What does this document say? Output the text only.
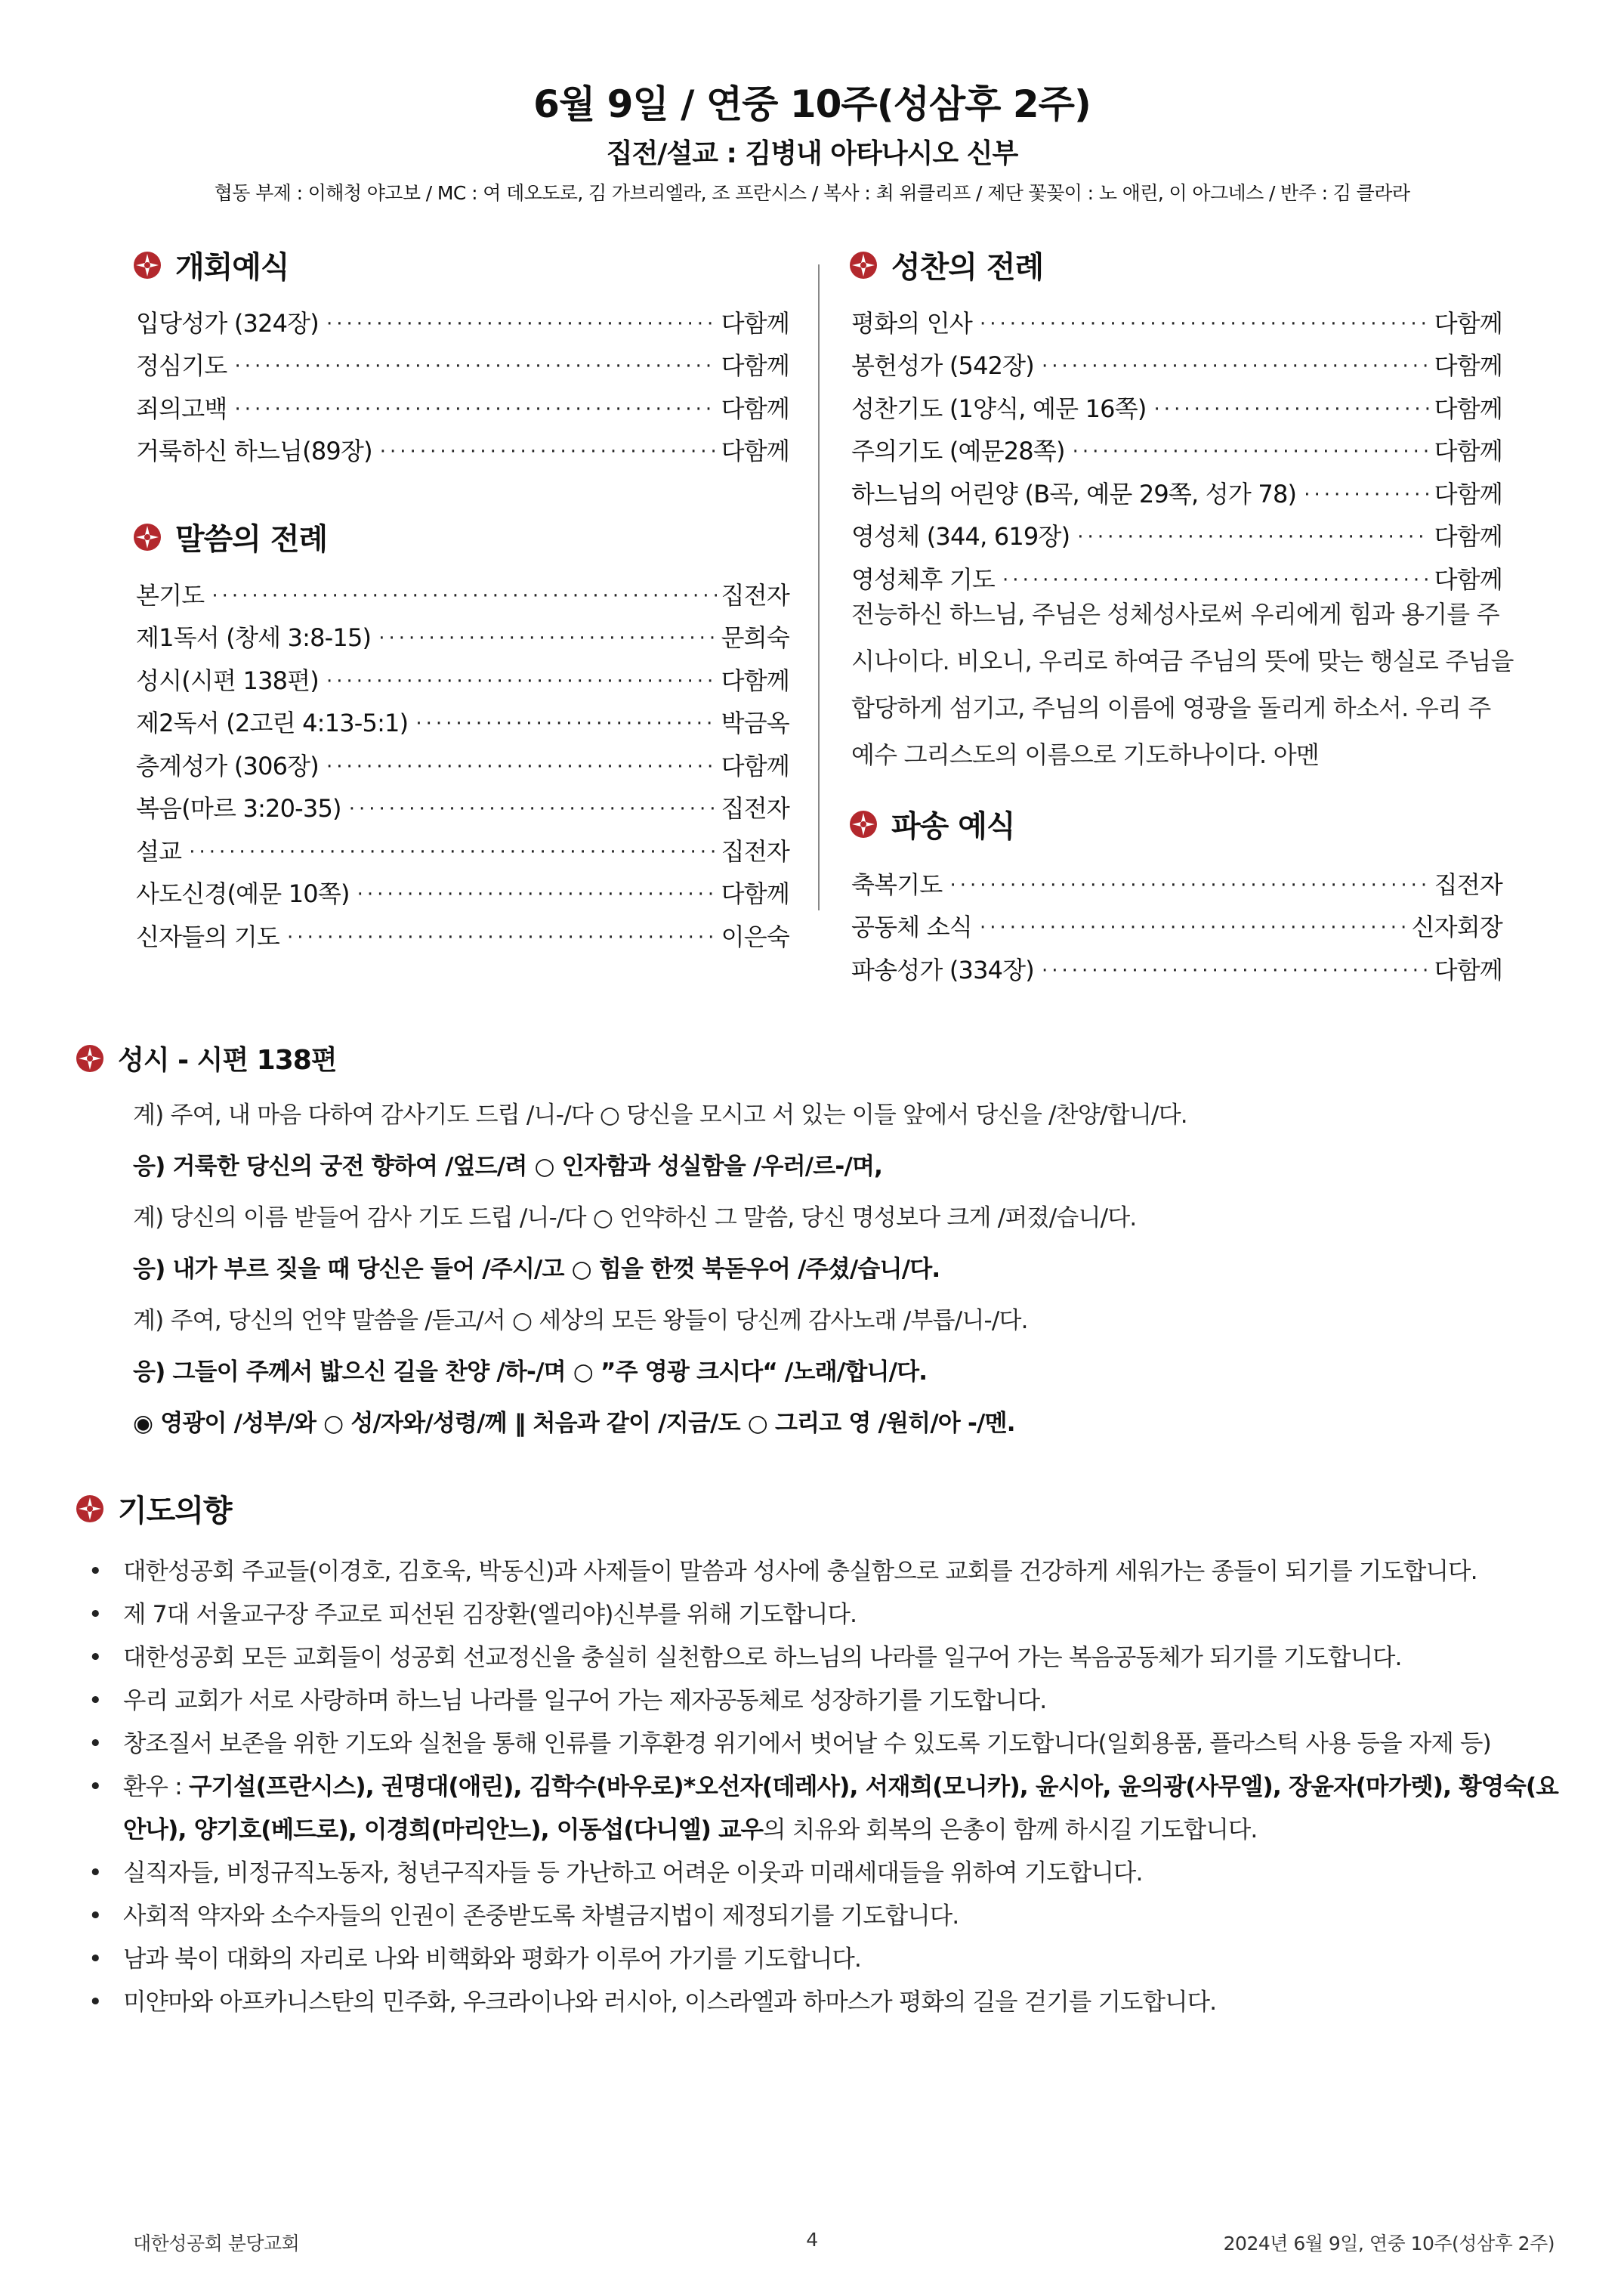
6월 9일 / 연중 10주(성삼후 2주)
집전/설교 : 김병내 아타나시오 신부
협동 부제 : 이해청 야고보 / MC : 여 데오도로, 김 가브리엘라, 조 프란시스 / 복사 : 최 위클리프 / 제단 꽃꽂이 : 노 애린, 이 아그네스 / 반주 : 김 클라라
개회예식
입당성가 (324장) ·····	다함께
정심기도 ·····	다함께
죄의고백 ·····	다함께
거룩하신 하느님(89장) ·····	다함께
말씀의 전례
본기도 ·····	집전자
제1독서 (창세 3:8-15) ·····	문희숙
성시(시편 138편) ·····	다함께
제2독서 (2고린 4:13-5:1) ·····	박금옥
층계성가 (306장) ·····	다함께
복음(마르 3:20-35) ·····	집전자
설교 ·····	집전자
사도신경(예문 10쪽) ·····	다함께
신자들의 기도 ·····	이은숙
성찬의 전례
평화의 인사 ·····	다함께
봉헌성가 (542장) ·····	다함께
성찬기도 (1양식, 예문 16쪽) ·····	다함께
주의기도 (예문28쪽) ·····	다함께
하느님의 어린양 (B곡, 예문 29쪽, 성가 78) ·····	다함께
영성체 (344, 619장) ·····	다함께
영성체후 기도 ·····	다함께

전능하신 하느님, 주님은 성체성사로써 우리에게 힘과 용기를 주시나이다. 비오니, 우리로 하여금 주님의 뜻에 맞는 행실로 주님을 합당하게 섬기고, 주님의 이름에 영광을 돌리게 하소서. 우리 주 예수 그리스도의 이름으로 기도하나이다. 아멘

파송 예식
축복기도 ·····	집전자
공동체 소식 ·····	신자회장
파송성가 (334장) ·····	다함께
성시 - 시편 138편
계) 주여, 내 마음 다하여 감사기도 드립 /니-/다 ○ 당신을 모시고 서 있는 이들 앞에서 당신을 /찬양/합니/다.
응) 거룩한 당신의 궁전 향하여 /엎드/려 ○ 인자함과 성실함을 /우러/르-/며,
계) 당신의 이름 받들어 감사 기도 드립 /니-/다 ○ 언약하신 그 말씀, 당신 명성보다 크게 /퍼졌/습니/다.
응) 내가 부르 짖을 때 당신은 들어 /주시/고 ○ 힘을 한껏 북돋우어 /주셨/습니/다.
계) 주여, 당신의 언약 말씀을 /듣고/서 ○ 세상의 모든 왕들이 당신께 감사노래 /부릅/니-/다.
응) 그들이 주께서 밟으신 길을 찬양 /하-/며 ○ ”주 영광 크시다“ /노래/합니/다.
◉ 영광이 /성부/와 ○ 성/자와/성령/께 ‖ 처음과 같이 /지금/도 ○ 그리고 영 /원히/아 -/멘.
기도의향
• 대한성공회 주교들(이경호, 김호욱, 박동신)과 사제들이 말씀과 성사에 충실함으로 교회를 건강하게 세워가는 종들이 되기를 기도합니다.
• 제 7대 서울교구장 주교로 피선된 김장환(엘리야)신부를 위해 기도합니다.
• 대한성공회 모든 교회들이 성공회 선교정신을 충실히 실천함으로 하느님의 나라를 일구어 가는 복음공동체가 되기를 기도합니다.
• 우리 교회가 서로 사랑하며 하느님 나라를 일구어 가는 제자공동체로 성장하기를 기도합니다.
• 창조질서 보존을 위한 기도와 실천을 통해 인류를 기후환경 위기에서 벗어날 수 있도록 기도합니다(일회용품, 플라스틱 사용 등을 자제 등)
• 환우 : 구기설(프란시스), 권명대(애린), 김학수(바우로)*오선자(데레사), 서재희(모니카), 윤시아, 윤의광(사무엘), 장윤자(마가렛), 황영숙(요안나), 양기호(베드로), 이경희(마리안느), 이동섭(다니엘) 교우의 치유와 회복의 은총이 함께 하시길 기도합니다.
• 실직자들, 비정규직노동자, 청년구직자들 등 가난하고 어려운 이웃과 미래세대들을 위하여 기도합니다.
• 사회적 약자와 소수자들의 인권이 존중받도록 차별금지법이 제정되기를 기도합니다.
• 남과 북이 대화의 자리로 나와 비핵화와 평화가 이루어 가기를 기도합니다.
• 미얀마와 아프카니스탄의 민주화, 우크라이나와 러시아, 이스라엘과 하마스가 평화의 길을 걷기를 기도합니다.
대한성공회 분당교회	4	2024년 6월 9일, 연중 10주(성삼후 2주)
